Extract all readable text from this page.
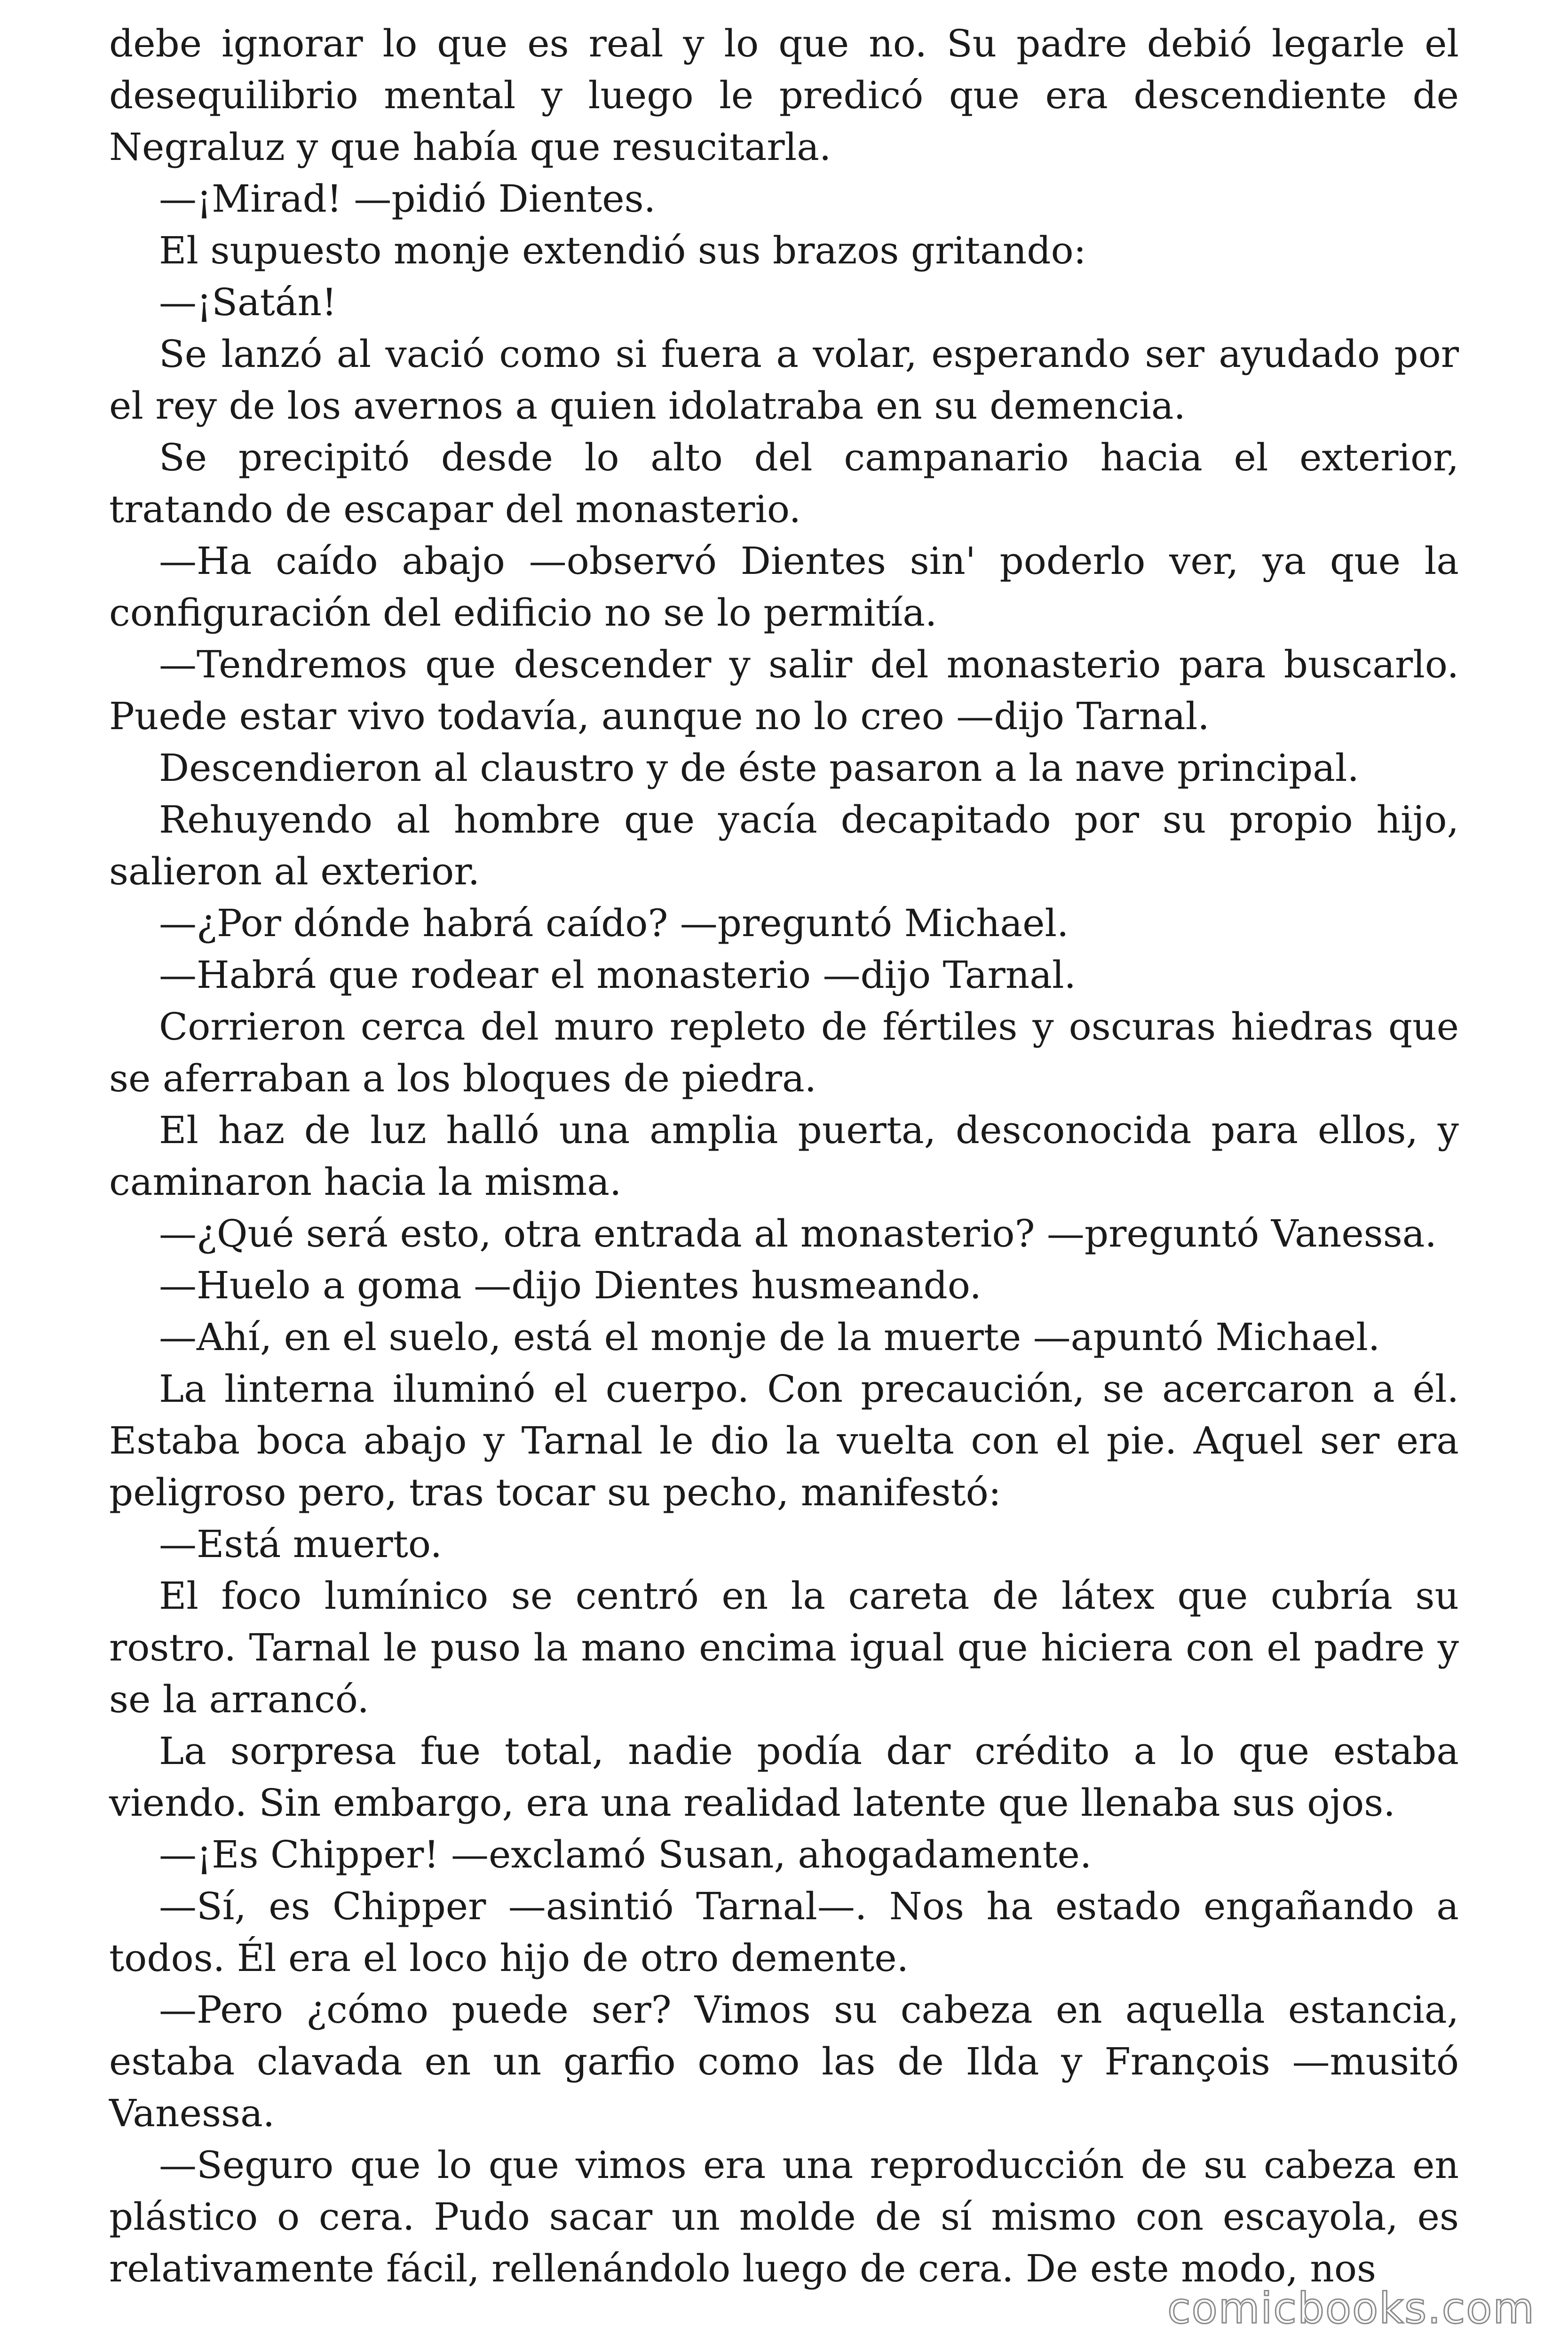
debe ignorar lo que es real y lo que no. Su padre debió legarle el desequilibrio mental y luego le predicó que era descendiente de Negraluz y que había que resucitarla.

—¡Mirad! —pidió Dientes.

El supuesto monje extendió sus brazos gritando:

—¡Satán!

Se lanzó al vació como si fuera a volar, esperando ser ayudado por el rey de los avernos a quien idolatraba en su demencia.

Se precipitó desde lo alto del campanario hacia el exterior, tratando de escapar del monasterio.

—Ha caído abajo —observó Dientes sin' poderlo ver, ya que la configuración del edificio no se lo permitía.

—Tendremos que descender y salir del monasterio para buscarlo. Puede estar vivo todavía, aunque no lo creo —dijo Tarnal.

Descendieron al claustro y de éste pasaron a la nave principal.

Rehuyendo al hombre que yacía decapitado por su propio hijo, salieron al exterior.

—¿Por dónde habrá caído? —preguntó Michael.

—Habrá que rodear el monasterio —dijo Tarnal.

Corrieron cerca del muro repleto de fértiles y oscuras hiedras que se aferraban a los bloques de piedra.

El haz de luz halló una amplia puerta, desconocida para ellos, y caminaron hacia la misma.

—¿Qué será esto, otra entrada al monasterio? —preguntó Vanessa.

—Huelo a goma —dijo Dientes husmeando.

—Ahí, en el suelo, está el monje de la muerte —apuntó Michael.

La linterna iluminó el cuerpo. Con precaución, se acercaron a él. Estaba boca abajo y Tarnal le dio la vuelta con el pie. Aquel ser era peligroso pero, tras tocar su pecho, manifestó:

—Está muerto.

El foco lumínico se centró en la careta de látex que cubría su rostro. Tarnal le puso la mano encima igual que hiciera con el padre y se la arrancó.

La sorpresa fue total, nadie podía dar crédito a lo que estaba viendo. Sin embargo, era una realidad latente que llenaba sus ojos.

—¡Es Chipper! —exclamó Susan, ahogadamente.

—Sí, es Chipper —asintió Tarnal—. Nos ha estado engañando a todos. Él era el loco hijo de otro demente.

—Pero ¿cómo puede ser? Vimos su cabeza en aquella estancia, estaba clavada en un garfio como las de Ilda y François —musitó Vanessa.

—Seguro que lo que vimos era una reproducción de su cabeza en plástico o cera. Pudo sacar un molde de sí mismo con escayola, es relativamente fácil, rellenándolo luego de cera. De este modo, nos

comicbooks.com
